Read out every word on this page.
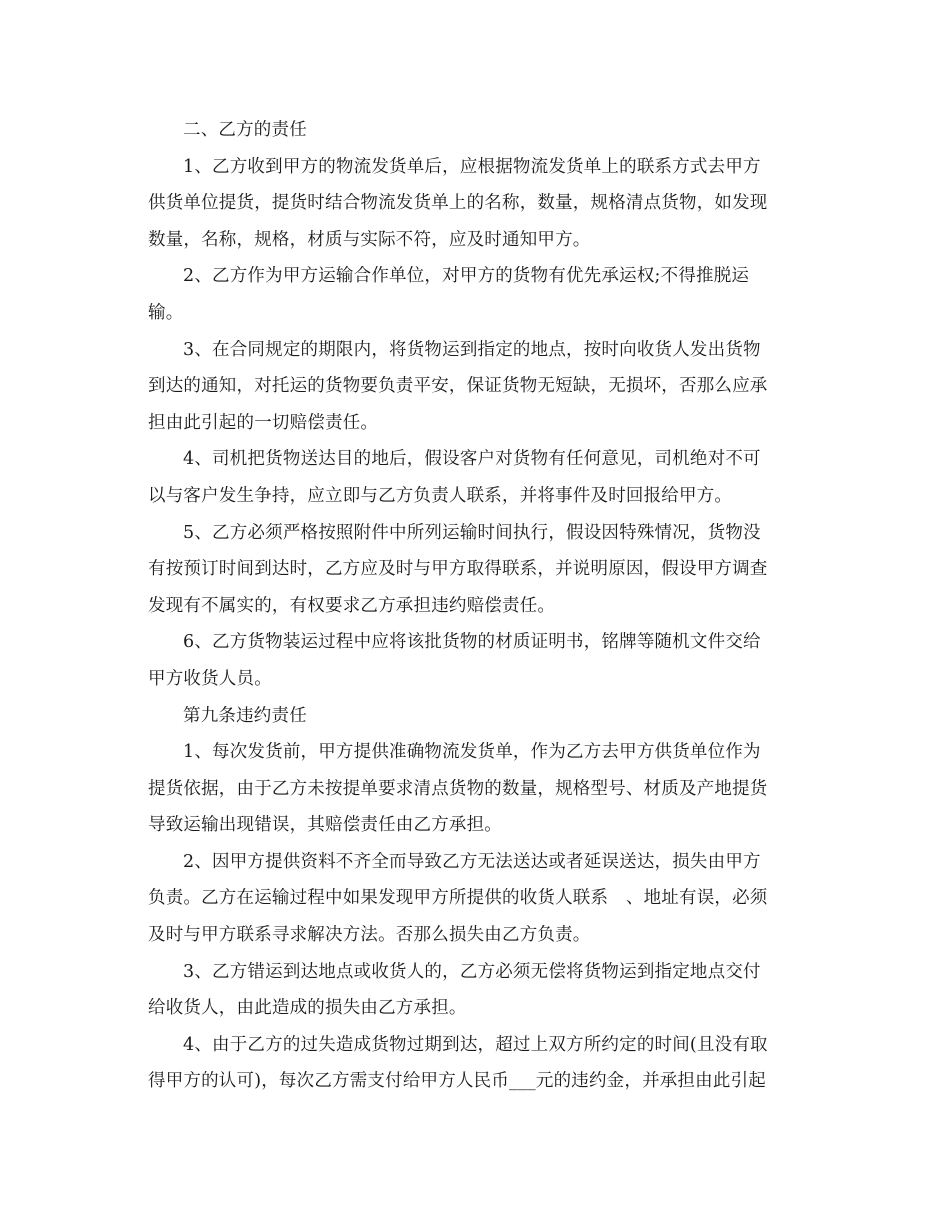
二、乙方的责任
1、乙方收到甲方的物流发货单后，应根据物流发货单上的联系方式去甲方
供货单位提货，提货时结合物流发货单上的名称，数量，规格清点货物，如发现
数量，名称，规格，材质与实际不符，应及时通知甲方。
2、乙方作为甲方运输合作单位，对甲方的货物有优先承运权;不得推脱运
输。
3、在合同规定的期限内，将货物运到指定的地点，按时向收货人发出货物
到达的通知，对托运的货物要负责平安，保证货物无短缺，无损坏，否那么应承
担由此引起的一切赔偿责任。
4、司机把货物送达目的地后，假设客户对货物有任何意见，司机绝对不可
以与客户发生争持，应立即与乙方负责人联系，并将事件及时回报给甲方。
5、乙方必须严格按照附件中所列运输时间执行，假设因特殊情况，货物没
有按预订时间到达时，乙方应及时与甲方取得联系，并说明原因，假设甲方调查
发现有不属实的，有权要求乙方承担违约赔偿责任。
6、乙方货物装运过程中应将该批货物的材质证明书，铭牌等随机文件交给
甲方收货人员。
第九条违约责任
1、每次发货前，甲方提供准确物流发货单，作为乙方去甲方供货单位作为
提货依据，由于乙方未按提单要求清点货物的数量，规格型号、材质及产地提货
导致运输出现错误，其赔偿责任由乙方承担。
2、因甲方提供资料不齐全而导致乙方无法送达或者延误送达，损失由甲方
负责。乙方在运输过程中如果发现甲方所提供的收货人联系　、地址有误，必须
及时与甲方联系寻求解决方法。否那么损失由乙方负责。
3、乙方错运到达地点或收货人的，乙方必须无偿将货物运到指定地点交付
给收货人，由此造成的损失由乙方承担。
4、由于乙方的过失造成货物过期到达，超过上双方所约定的时间(且没有取
得甲方的认可)，每次乙方需支付给甲方人民币___元的违约金，并承担由此引起
